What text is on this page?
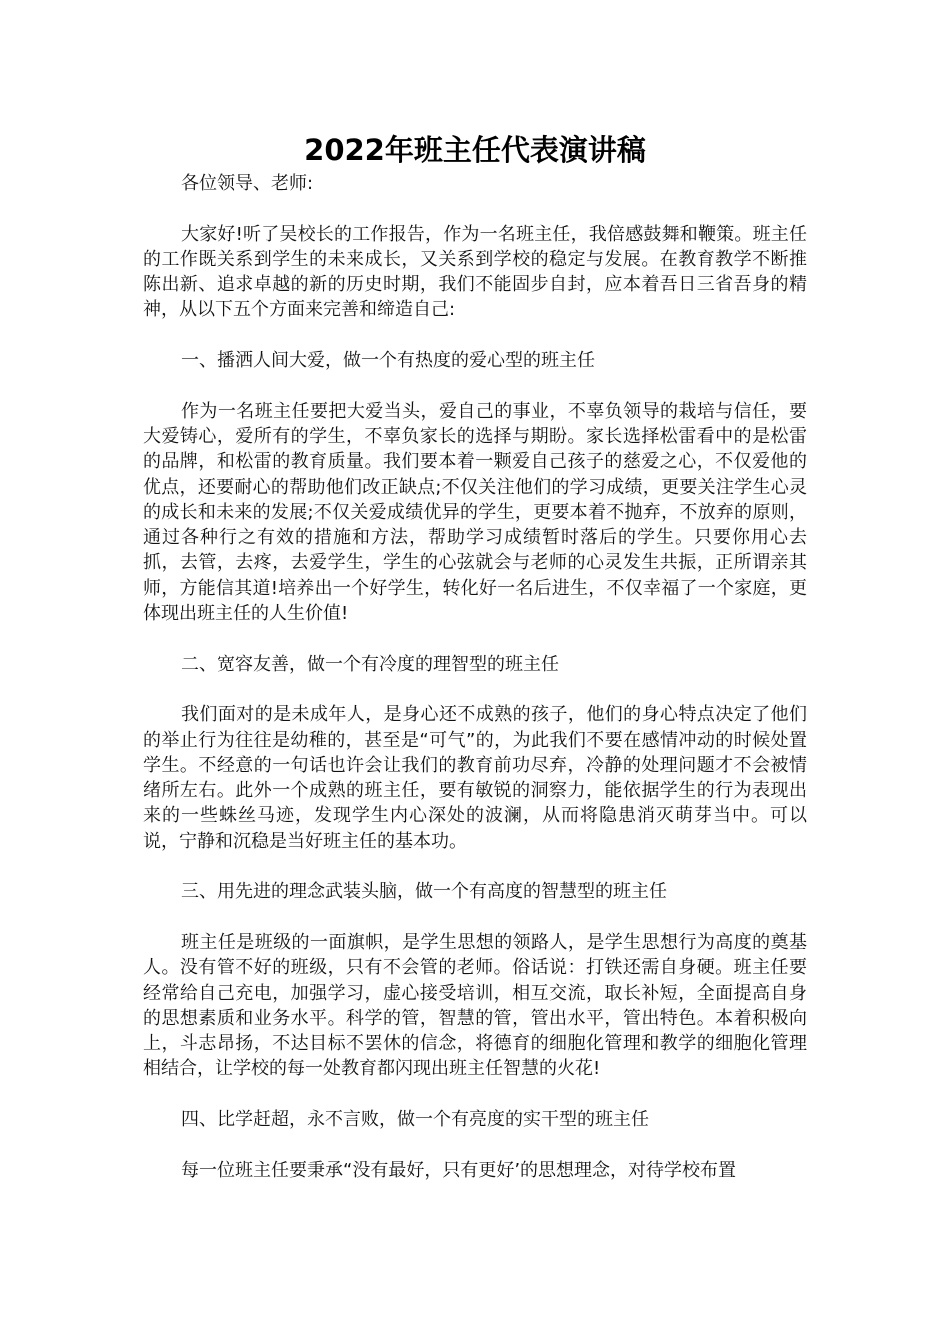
2022年班主任代表演讲稿

各位领导、老师:

大家好!听了吴校长的工作报告，作为一名班主任，我倍感鼓舞和鞭策。班主任的工作既关系到学生的未来成长，又关系到学校的稳定与发展。在教育教学不断推陈出新、追求卓越的新的历史时期，我们不能固步自封，应本着吾日三省吾身的精神，从以下五个方面来完善和缔造自己:

一、播洒人间大爱，做一个有热度的爱心型的班主任

作为一名班主任要把大爱当头，爱自己的事业，不辜负领导的栽培与信任，要大爱铸心，爱所有的学生，不辜负家长的选择与期盼。家长选择松雷看中的是松雷的品牌，和松雷的教育质量。我们要本着一颗爱自己孩子的慈爱之心，不仅爱他的优点，还要耐心的帮助他们改正缺点;不仅关注他们的学习成绩，更要关注学生心灵的成长和未来的发展;不仅关爱成绩优异的学生，更要本着不抛弃，不放弃的原则，通过各种行之有效的措施和方法，帮助学习成绩暂时落后的学生。只要你用心去抓，去管，去疼，去爱学生，学生的心弦就会与老师的心灵发生共振，正所谓亲其师，方能信其道!培养出一个好学生，转化好一名后进生，不仅幸福了一个家庭，更体现出班主任的人生价值!

二、宽容友善，做一个有冷度的理智型的班主任

我们面对的是未成年人，是身心还不成熟的孩子，他们的身心特点决定了他们的举止行为往往是幼稚的，甚至是“可气”的，为此我们不要在感情冲动的时候处置学生。不经意的一句话也许会让我们的教育前功尽弃，冷静的处理问题才不会被情绪所左右。此外一个成熟的班主任，要有敏锐的洞察力，能依据学生的行为表现出来的一些蛛丝马迹，发现学生内心深处的波澜，从而将隐患消灭萌芽当中。可以说，宁静和沉稳是当好班主任的基本功。

三、用先进的理念武装头脑，做一个有高度的智慧型的班主任

班主任是班级的一面旗帜，是学生思想的领路人，是学生思想行为高度的奠基人。没有管不好的班级，只有不会管的老师。俗话说：打铁还需自身硬。班主任要经常给自己充电，加强学习，虚心接受培训，相互交流，取长补短，全面提高自身的思想素质和业务水平。科学的管，智慧的管，管出水平，管出特色。本着积极向上，斗志昂扬，不达目标不罢休的信念，将德育的细胞化管理和教学的细胞化管理相结合，让学校的每一处教育都闪现出班主任智慧的火花!

四、比学赶超，永不言败，做一个有亮度的实干型的班主任

每一位班主任要秉承“没有最好，只有更好’的思想理念，对待学校布置
